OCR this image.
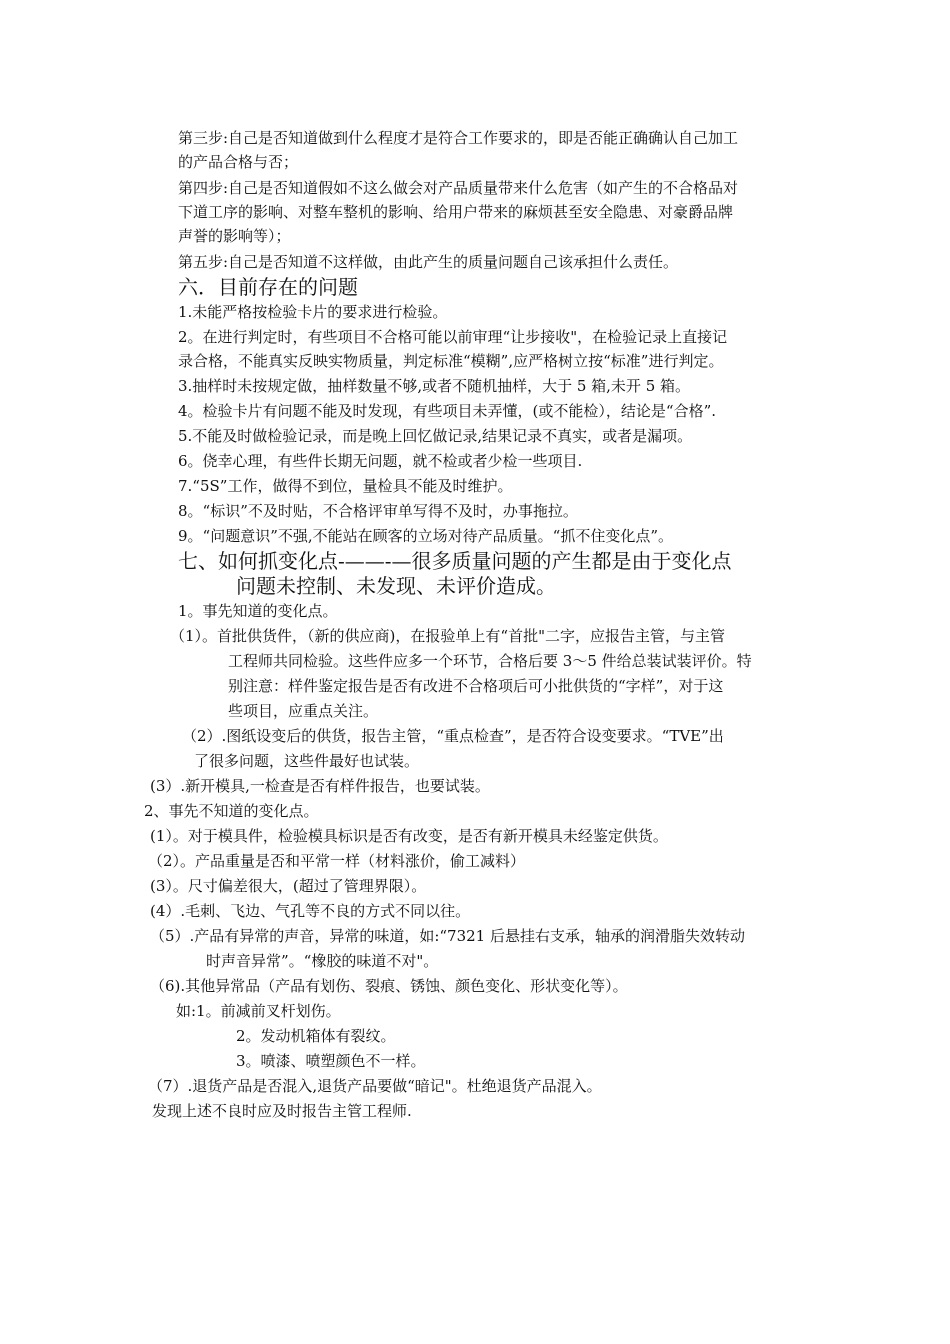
第三步:自己是否知道做到什么程度才是符合工作要求的，即是否能正确确认自己加工
的产品合格与否；
第四步:自己是否知道假如不这么做会对产品质量带来什么危害（如产生的不合格品对
下道工序的影响、对整车整机的影响、给用户带来的麻烦甚至安全隐患、对豪爵品牌
声誉的影响等）；
第五步:自己是否知道不这样做，由此产生的质量问题自己该承担什么责任。
六．目前存在的问题
1.未能严格按检验卡片的要求进行检验。
2。在进行判定时，有些项目不合格可能以前审理“让步接收"，在检验记录上直接记
录合格，不能真实反映实物质量，判定标准“模糊”,应严格树立按“标准”进行判定。
3.抽样时未按规定做，抽样数量不够,或者不随机抽样，大于 5 箱,未开 5 箱。
4。检验卡片有问题不能及时发现，有些项目未弄懂，(或不能检），结论是“合格”.
5.不能及时做检验记录，而是晚上回忆做记录,结果记录不真实，或者是漏项。
6。侥幸心理，有些件长期无问题，就不检或者少检一些项目.
7.“5S”工作，做得不到位，量检具不能及时维护。
8。“标识”不及时贴，不合格评审单写得不及时，办事拖拉。
9。“问题意识”不强,不能站在顾客的立场对待产品质量。“抓不住变化点”。
七、如何抓变化点-——-—很多质量问题的产生都是由于变化点
问题未控制、未发现、未评价造成。
1。事先知道的变化点。
（1）。首批供货件，（新的供应商)，在报验单上有“首批"二字，应报告主管，与主管
工程师共同检验。这些件应多一个环节，合格后要 3～5 件给总装试装评价。特
别注意：样件鉴定报告是否有改进不合格项后可小批供货的“字样”，对于这
些项目，应重点关注。
（2）.图纸设变后的供货，报告主管，“重点检查”，是否符合设变要求。“TVE”出
了很多问题，这些件最好也试装。
(3）.新开模具,一检查是否有样件报告，也要试装。
2、事先不知道的变化点。
(1）。对于模具件，检验模具标识是否有改变，是否有新开模具未经鉴定供货。
（2）。产品重量是否和平常一样（材料涨价，偷工减料）
(3）。尺寸偏差很大，(超过了管理界限）。
(4）.毛刺、飞边、气孔等不良的方式不同以往。
（5）.产品有异常的声音，异常的味道，如:“7321 后悬挂右支承，轴承的润滑脂失效转动
时声音异常”。“橡胶的味道不对"。
（6).其他异常品（产品有划伤、裂痕、锈蚀、颜色变化、形状变化等）。
如:1。前减前叉杆划伤。
2。发动机箱体有裂纹。
3。喷漆、喷塑颜色不一样。
（7）.退货产品是否混入,退货产品要做“暗记"。杜绝退货产品混入。
发现上述不良时应及时报告主管工程师.
